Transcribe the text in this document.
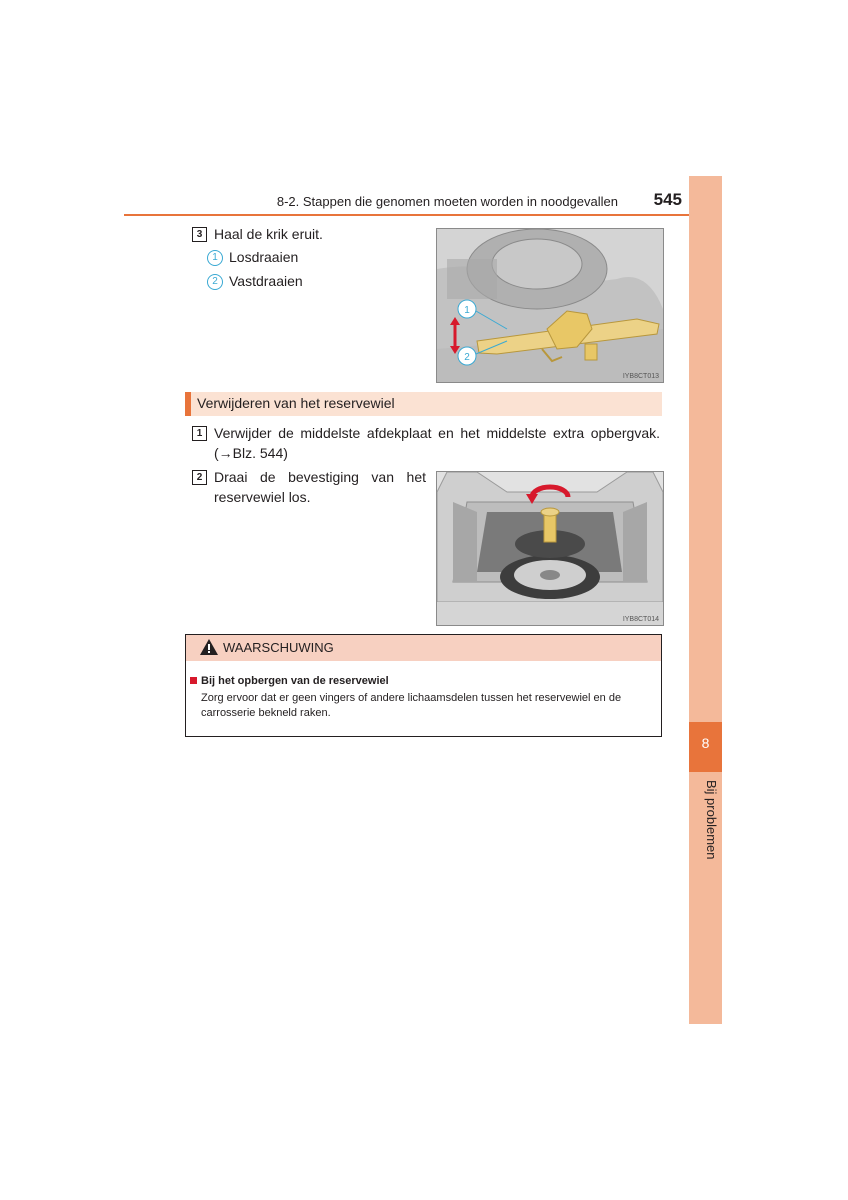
8-2. Stappen die genomen moeten worden in noodgevallen	545
8
Bij problemen
3 Haal de krik eruit.
1 Losdraaien
2 Vastdraaien
1
2
IYB8CT013
Verwijderen van het reservewiel
1 Verwijder de middelste afdekplaat en het middelste extra opbergvak. (→Blz. 544)
2 Draai de bevestiging van het reservewiel los.
IYB8CT014
WAARSCHUWING
Bij het opbergen van de reservewiel
Zorg ervoor dat er geen vingers of andere lichaamsdelen tussen het reservewiel en de carrosserie bekneld raken.
